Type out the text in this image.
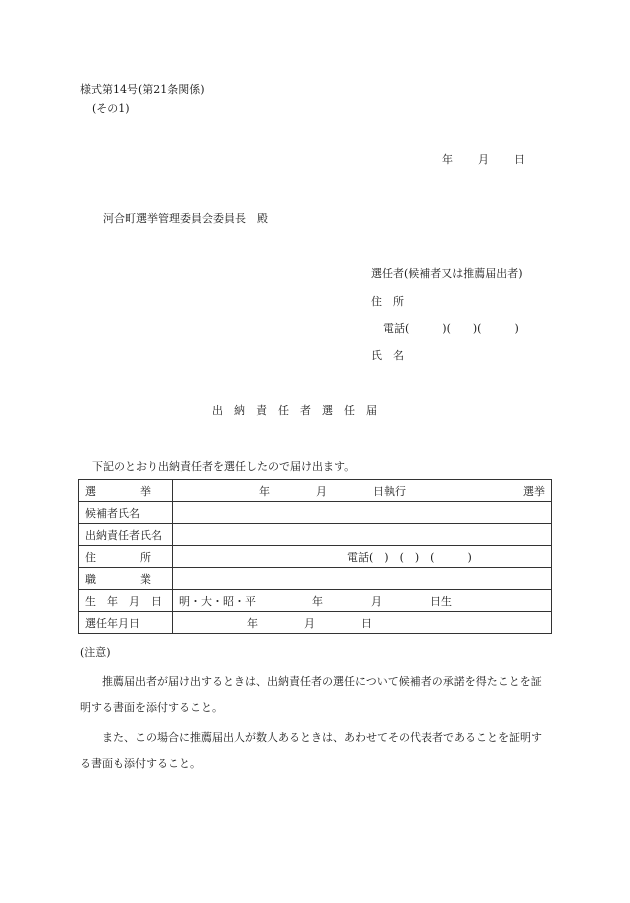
様式第14号(第21条関係)
(その1)
年 月 日
河合町選挙管理委員会委員長　殿
選任者(候補者又は推薦届出者)
住　所
電話(　　　)(　　)(　　　)
氏　名
出　納　責　任　者　選　任　届
下記のとおり出納責任者を選任したので届け出ます。
選　　　　挙	年 月 日執行 選挙

候補者氏名	
出納責任者氏名	
住　　　　所	電話(　)　(　)　(　　　)
職　　　　業	
生　年　月　日	明・大・昭・平 年 月 日生

選任年月日	年 月 日
(注意)
推薦届出者が届け出するときは、出納責任者の選任について候補者の承諾を得たことを証明する書面を添付すること。
また、この場合に推薦届出人が数人あるときは、あわせてその代表者であることを証明する書面も添付すること。
